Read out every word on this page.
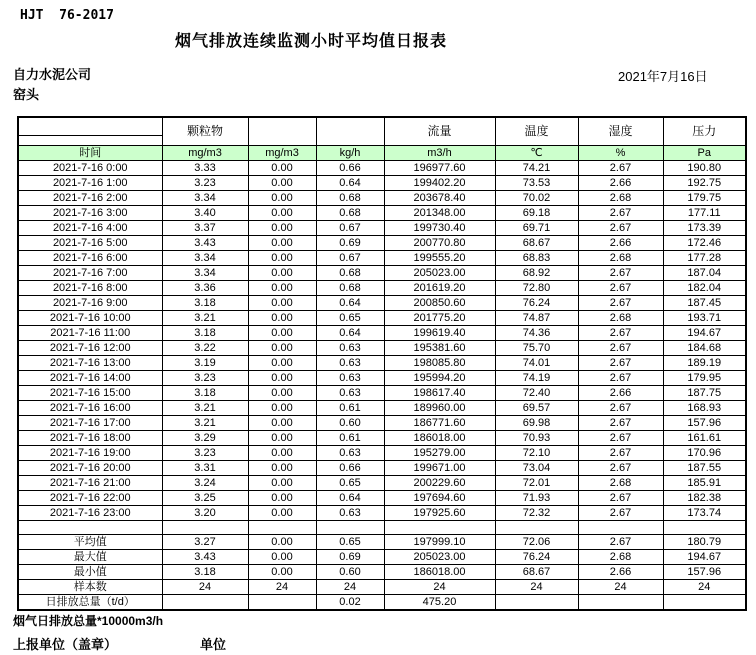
HJT  76-2017
烟气排放连续监测小时平均值日报表
自力水泥公司
窑头
2021年7月16日
	颗粒物			流量	温度	湿度	压力

时间	mg/m3	mg/m3	kg/h	m3/h	℃	%	Pa
2021-7-16 0:00	3.33	0.00	0.66	196977.60	74.21	2.67	190.80
2021-7-16 1:00	3.23	0.00	0.64	199402.20	73.53	2.66	192.75
2021-7-16 2:00	3.34	0.00	0.68	203678.40	70.02	2.68	179.75
2021-7-16 3:00	3.40	0.00	0.68	201348.00	69.18	2.67	177.11
2021-7-16 4:00	3.37	0.00	0.67	199730.40	69.71	2.67	173.39
2021-7-16 5:00	3.43	0.00	0.69	200770.80	68.67	2.66	172.46
2021-7-16 6:00	3.34	0.00	0.67	199555.20	68.83	2.68	177.28
2021-7-16 7:00	3.34	0.00	0.68	205023.00	68.92	2.67	187.04
2021-7-16 8:00	3.36	0.00	0.68	201619.20	72.80	2.67	182.04
2021-7-16 9:00	3.18	0.00	0.64	200850.60	76.24	2.67	187.45
2021-7-16 10:00	3.21	0.00	0.65	201775.20	74.87	2.68	193.71
2021-7-16 11:00	3.18	0.00	0.64	199619.40	74.36	2.67	194.67
2021-7-16 12:00	3.22	0.00	0.63	195381.60	75.70	2.67	184.68
2021-7-16 13:00	3.19	0.00	0.63	198085.80	74.01	2.67	189.19
2021-7-16 14:00	3.23	0.00	0.63	195994.20	74.19	2.67	179.95
2021-7-16 15:00	3.18	0.00	0.63	198617.40	72.40	2.66	187.75
2021-7-16 16:00	3.21	0.00	0.61	189960.00	69.57	2.67	168.93
2021-7-16 17:00	3.21	0.00	0.60	186771.60	69.98	2.67	157.96
2021-7-16 18:00	3.29	0.00	0.61	186018.00	70.93	2.67	161.61
2021-7-16 19:00	3.23	0.00	0.63	195279.00	72.10	2.67	170.96
2021-7-16 20:00	3.31	0.00	0.66	199671.00	73.04	2.67	187.55
2021-7-16 21:00	3.24	0.00	0.65	200229.60	72.01	2.68	185.91
2021-7-16 22:00	3.25	0.00	0.64	197694.60	71.93	2.67	182.38
2021-7-16 23:00	3.20	0.00	0.63	197925.60	72.32	2.67	173.74

平均值	3.27	0.00	0.65	197999.10	72.06	2.67	180.79
最大值	3.43	0.00	0.69	205023.00	76.24	2.68	194.67
最小值	3.18	0.00	0.60	186018.00	68.67	2.66	157.96
样本数	24	24	24	24	24	24	24
日排放总量（t/d）			0.02	475.20			
烟气日排放总量*10000m3/h
上报单位（盖章）	单位
